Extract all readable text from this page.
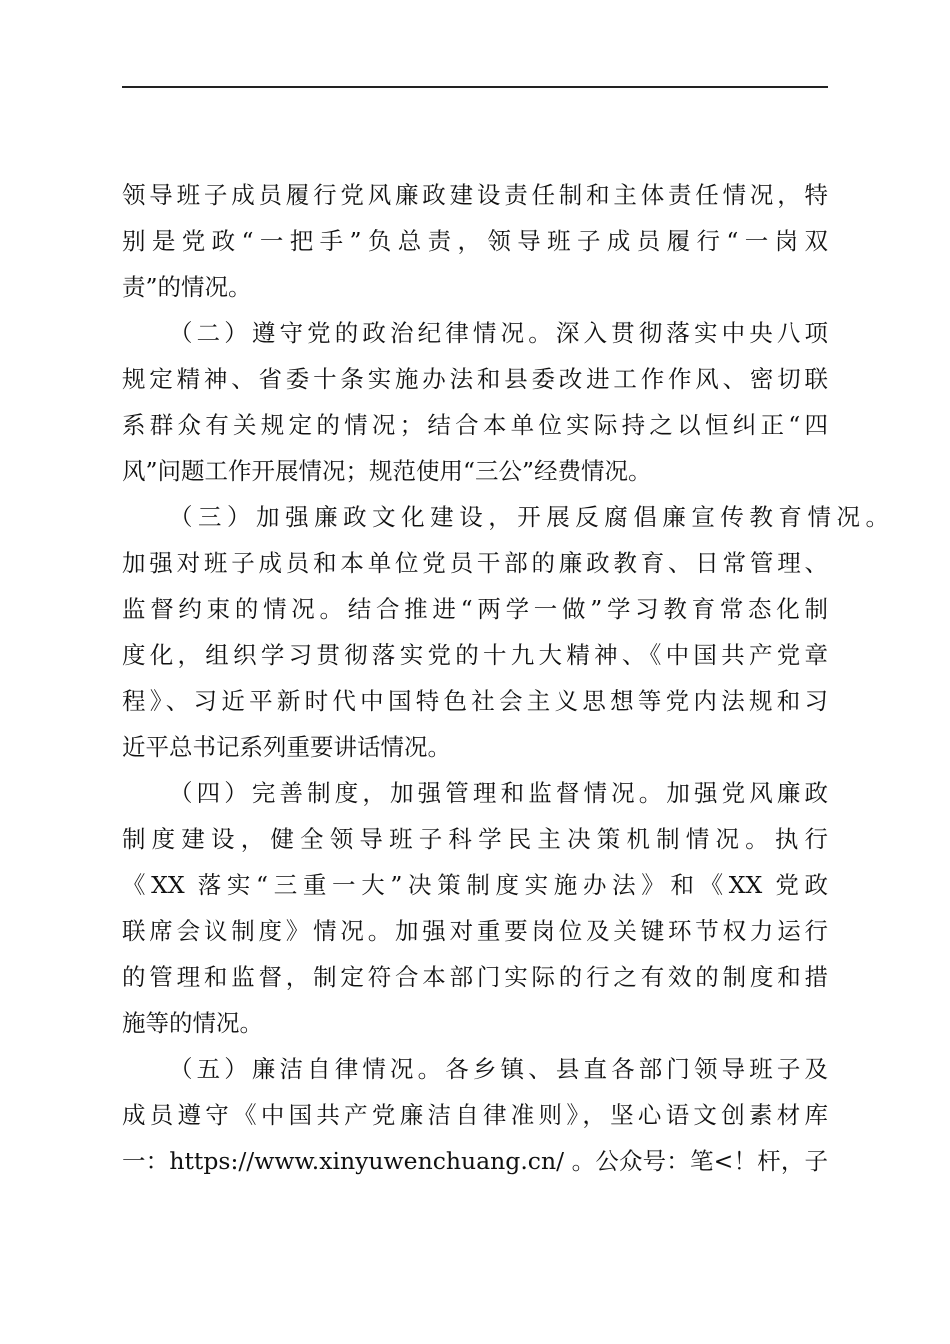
领导班子成员履行党风廉政建设责任制和主体责任情况，特
别是党政“一把手”负总责，领导班子成员履行“一岗双
责”的情况。
（二）遵守党的政治纪律情况。深入贯彻落实中央八项
规定精神、省委十条实施办法和县委改进工作作风、密切联
系群众有关规定的情况；结合本单位实际持之以恒纠正“四
风”问题工作开展情况；规范使用“三公”经费情况。
（三）加强廉政文化建设，开展反腐倡廉宣传教育情况。
加强对班子成员和本单位党员干部的廉政教育、日常管理、
监督约束的情况。结合推进“两学一做”学习教育常态化制
度化，组织学习贯彻落实党的十九大精神、《中国共产党章
程》、习近平新时代中国特色社会主义思想等党内法规和习
近平总书记系列重要讲话情况。
（四）完善制度，加强管理和监督情况。加强党风廉政
制度建设，健全领导班子科学民主决策机制情况。执行
《XX 落实“三重一大”决策制度实施办法》和《XX 党政
联席会议制度》情况。加强对重要岗位及关键环节权力运行
的管理和监督，制定符合本部门实际的行之有效的制度和措
施等的情况。
（五）廉洁自律情况。各乡镇、县直各部门领导班子及
成员遵守《中国共产党廉洁自律准则》，坚心语文创素材库
一：https://www.xinyuwenchuang.cn/ 。公众号：笔<！杆，子
